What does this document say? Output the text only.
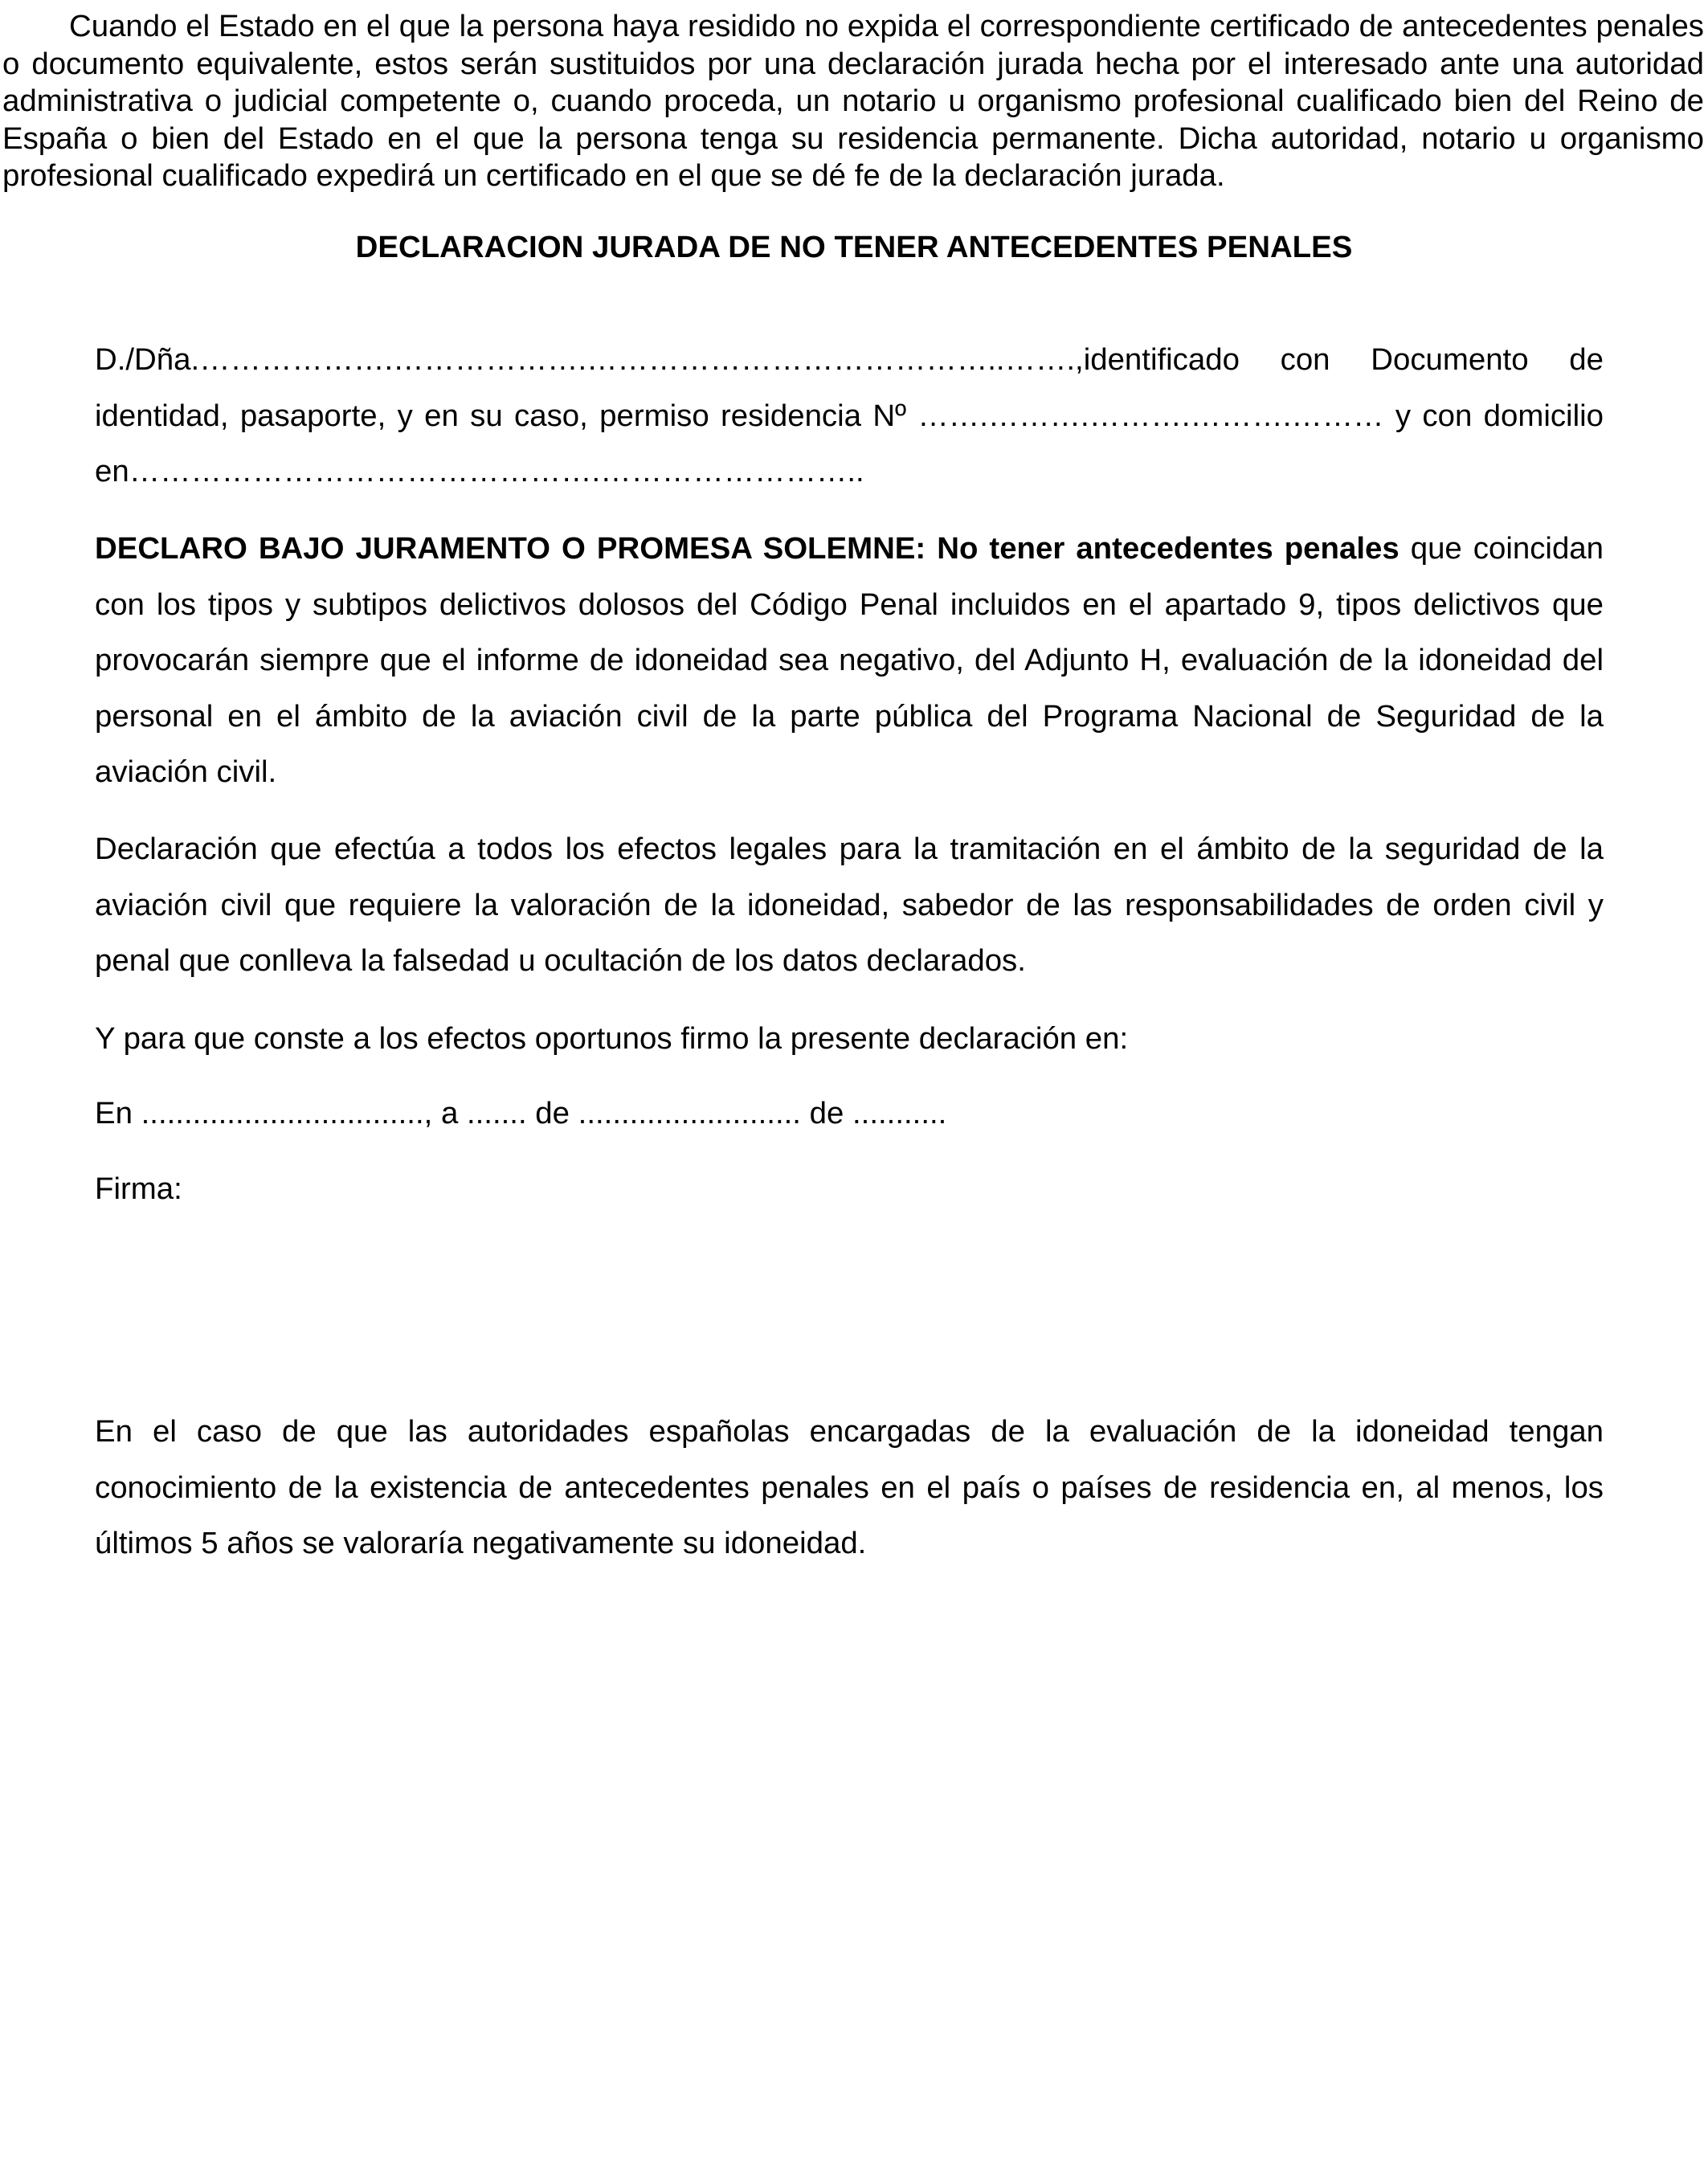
Cuando el Estado en el que la persona haya residido no expida el correspondiente certificado de antecedentes penales o documento equivalente, estos serán sustituidos por una declaración jurada hecha por el interesado ante una autoridad administrativa o judicial competente o, cuando proceda, un notario u organismo profesional cualificado bien del Reino de España o bien del Estado en el que la persona tenga su residencia permanente. Dicha autoridad, notario u organismo profesional cualificado expedirá un certificado en el que se dé fe de la declaración jurada.

DECLARACION JURADA DE NO TENER ANTECEDENTES PENALES

D./Dña.……………….……………….…………………………………..…….,identificado con Documento de identidad, pasaporte, y en su caso, permiso residencia Nº …….……….……….……….……… y con domicilio en……………………………………….……………………..

DECLARO BAJO JURAMENTO O PROMESA SOLEMNE: No tener antecedentes penales que coincidan con los tipos y subtipos delictivos dolosos del Código Penal incluidos en el apartado 9, tipos delictivos que provocarán siempre que el informe de idoneidad sea negativo, del Adjunto H, evaluación de la idoneidad del personal en el ámbito de la aviación civil de la parte pública del Programa Nacional de Seguridad de la aviación civil.

Declaración que efectúa a todos los efectos legales para la tramitación en el ámbito de la seguridad de la aviación civil que requiere la valoración de la idoneidad, sabedor de las responsabilidades de orden civil y penal que conlleva la falsedad u ocultación de los datos declarados.

Y para que conste a los efectos oportunos firmo la presente declaración en:

En ................................., a ....... de .......................... de ...........

Firma:

En el caso de que las autoridades españolas encargadas de la evaluación de la idoneidad tengan conocimiento de la existencia de antecedentes penales en el país o países de residencia en, al menos, los últimos 5 años se valoraría negativamente su idoneidad.
